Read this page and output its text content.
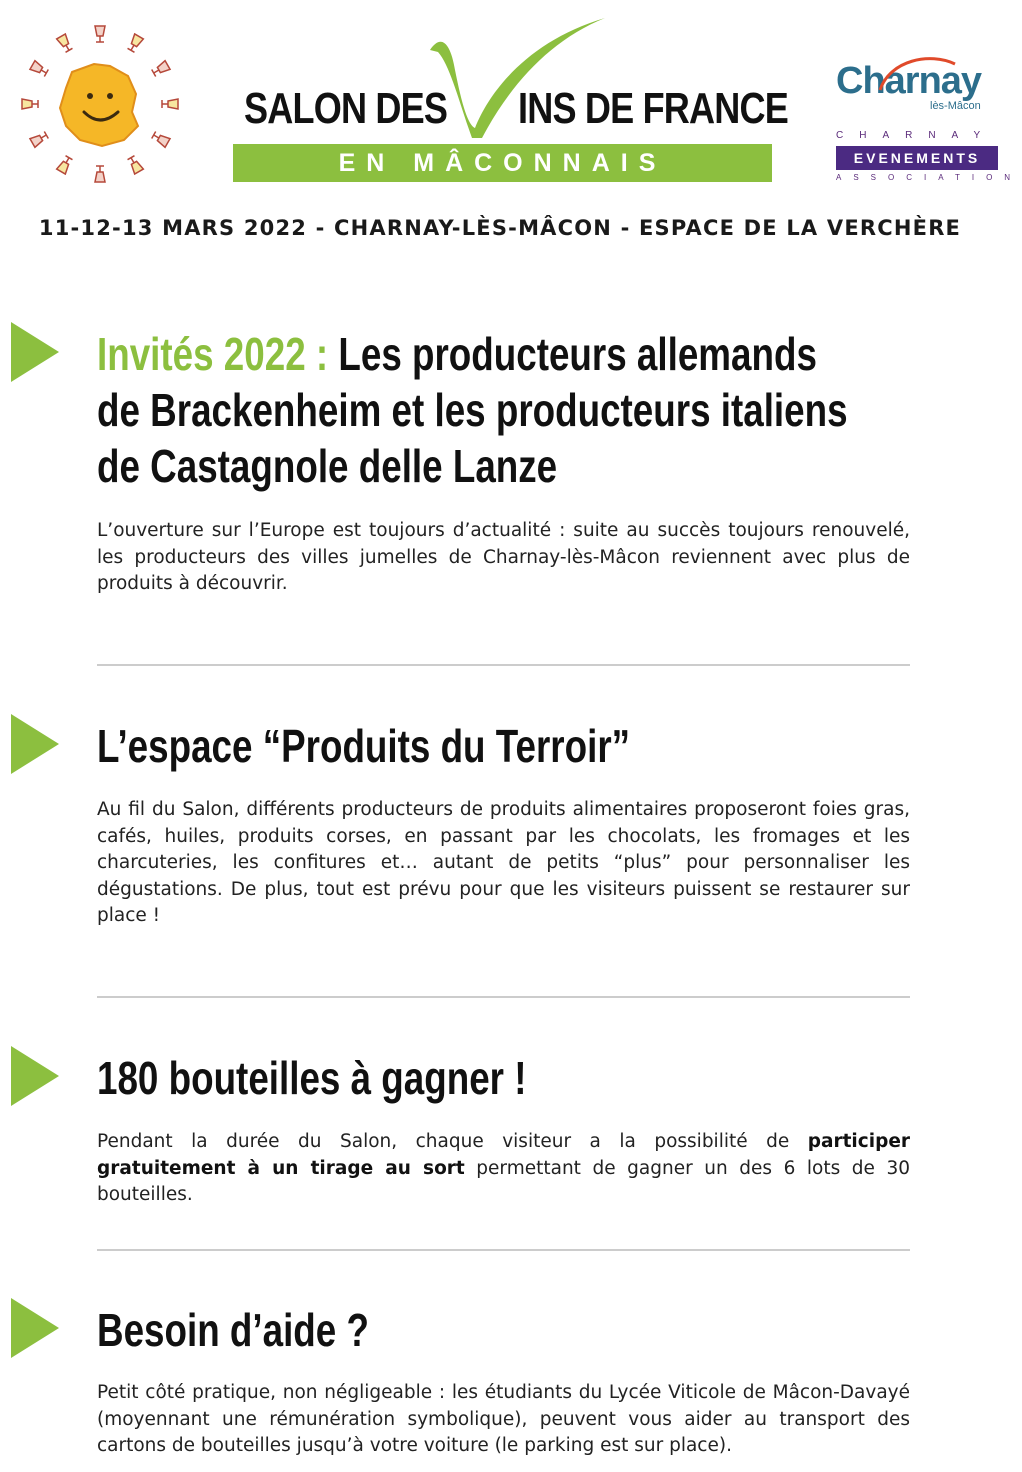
SALON DES INS DE FRANCE
EN MÂCONNAIS
Charnay
lès-Mâcon
CHARNAY
EVENEMENTS
ASSOCIATION
11-12-13 MARS 2022 - CHARNAY-LÈS-MÂCON - ESPACE DE LA VERCHÈRE
Invités 2022 : Les producteurs allemands
de Brackenheim et les producteurs italiens
de Castagnole delle Lanze
L’ouverture sur l’Europe est toujours d’actualité : suite au succès toujours renouvelé, les producteurs des villes jumelles de Charnay-lès-Mâcon reviennent avec plus de produits à découvrir.
L’espace “Produits du Terroir”
Au fil du Salon, différents producteurs de produits alimentaires proposeront foies gras, cafés, huiles, produits corses, en passant par les chocolats, les fromages et les charcuteries, les confitures et… autant de petits “plus” pour personnaliser les dégustations. De plus, tout est prévu pour que les visiteurs puissent se restaurer sur place !
180 bouteilles à gagner !
Pendant la durée du Salon, chaque visiteur a la possibilité de participer gratuitement à un tirage au sort permettant de gagner un des 6 lots de 30 bouteilles.
Besoin d’aide ?
Petit côté pratique, non négligeable : les étudiants du Lycée Viticole de Mâcon-Davayé (moyennant une rémunération symbolique), peuvent vous aider au transport des cartons de bouteilles jusqu’à votre voiture (le parking est sur place).
